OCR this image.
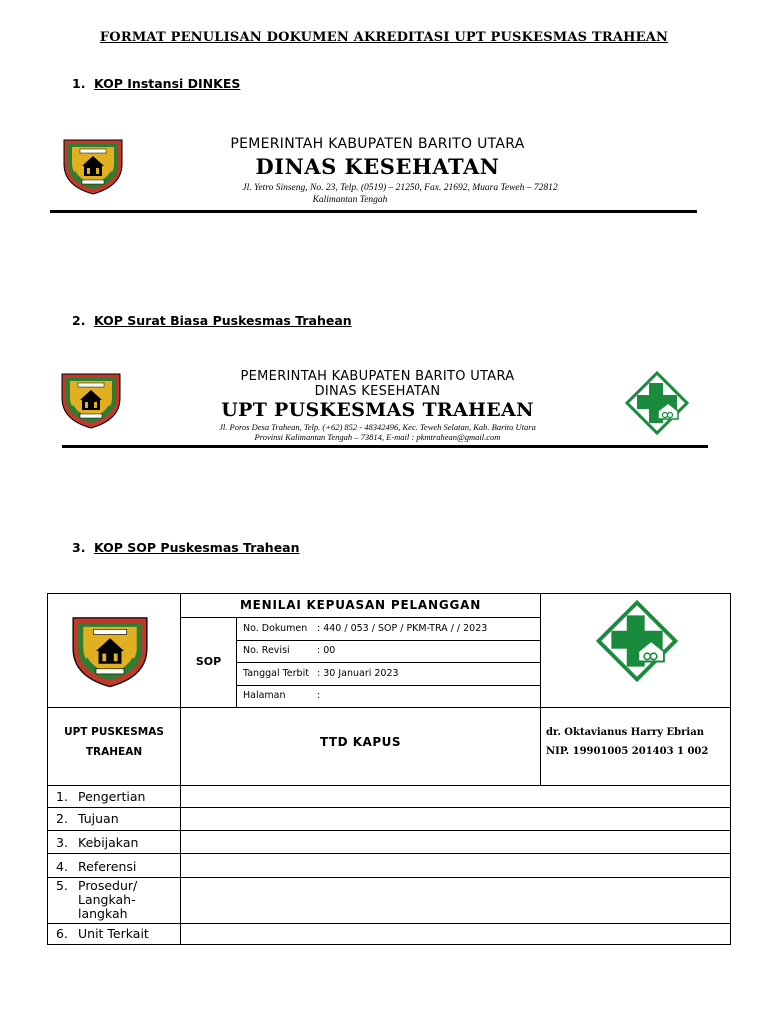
FORMAT PENULISAN DOKUMEN AKREDITASI UPT PUSKESMAS TRAHEAN
1. KOP Instansi DINKES
PEMERINTAH KABUPATEN BARITO UTARA
DINAS KESEHATAN
Jl. Yetro Sinseng, No. 23, Telp. (0519) – 21250, Fax. 21692, Muara Teweh – 72812
Kalimantan Tengah
2. KOP Surat Biasa Puskesmas Trahean
PEMERINTAH KABUPATEN BARITO UTARA
DINAS KESEHATAN
UPT PUSKESMAS TRAHEAN
Jl. Poros Desa Trahean, Telp. (+62) 852 - 48342496, Kec. Teweh Selatan, Kab. Barito Utara
Provinsi Kalimantan Tengah – 73814, E-mail : pkmtrahean@gmail.com
3. KOP SOP Puskesmas Trahean
MENILAI KEPUASAN PELANGGAN
SOP
No. Dokumen : 440 / 053 / SOP / PKM-TRA / / 2023
No. Revisi	: 00
Tanggal Terbit : 30 Januari 2023
Halaman	:
UPT PUSKESMAS
TRAHEAN
TTD KAPUS
dr. Oktavianus Harry Ebrian
NIP. 19901005 201403 1 002
1. Pengertian
2. Tujuan
3. Kebijakan
4. Referensi
5. Prosedur/ Langkah-langkah
6. Unit Terkait
